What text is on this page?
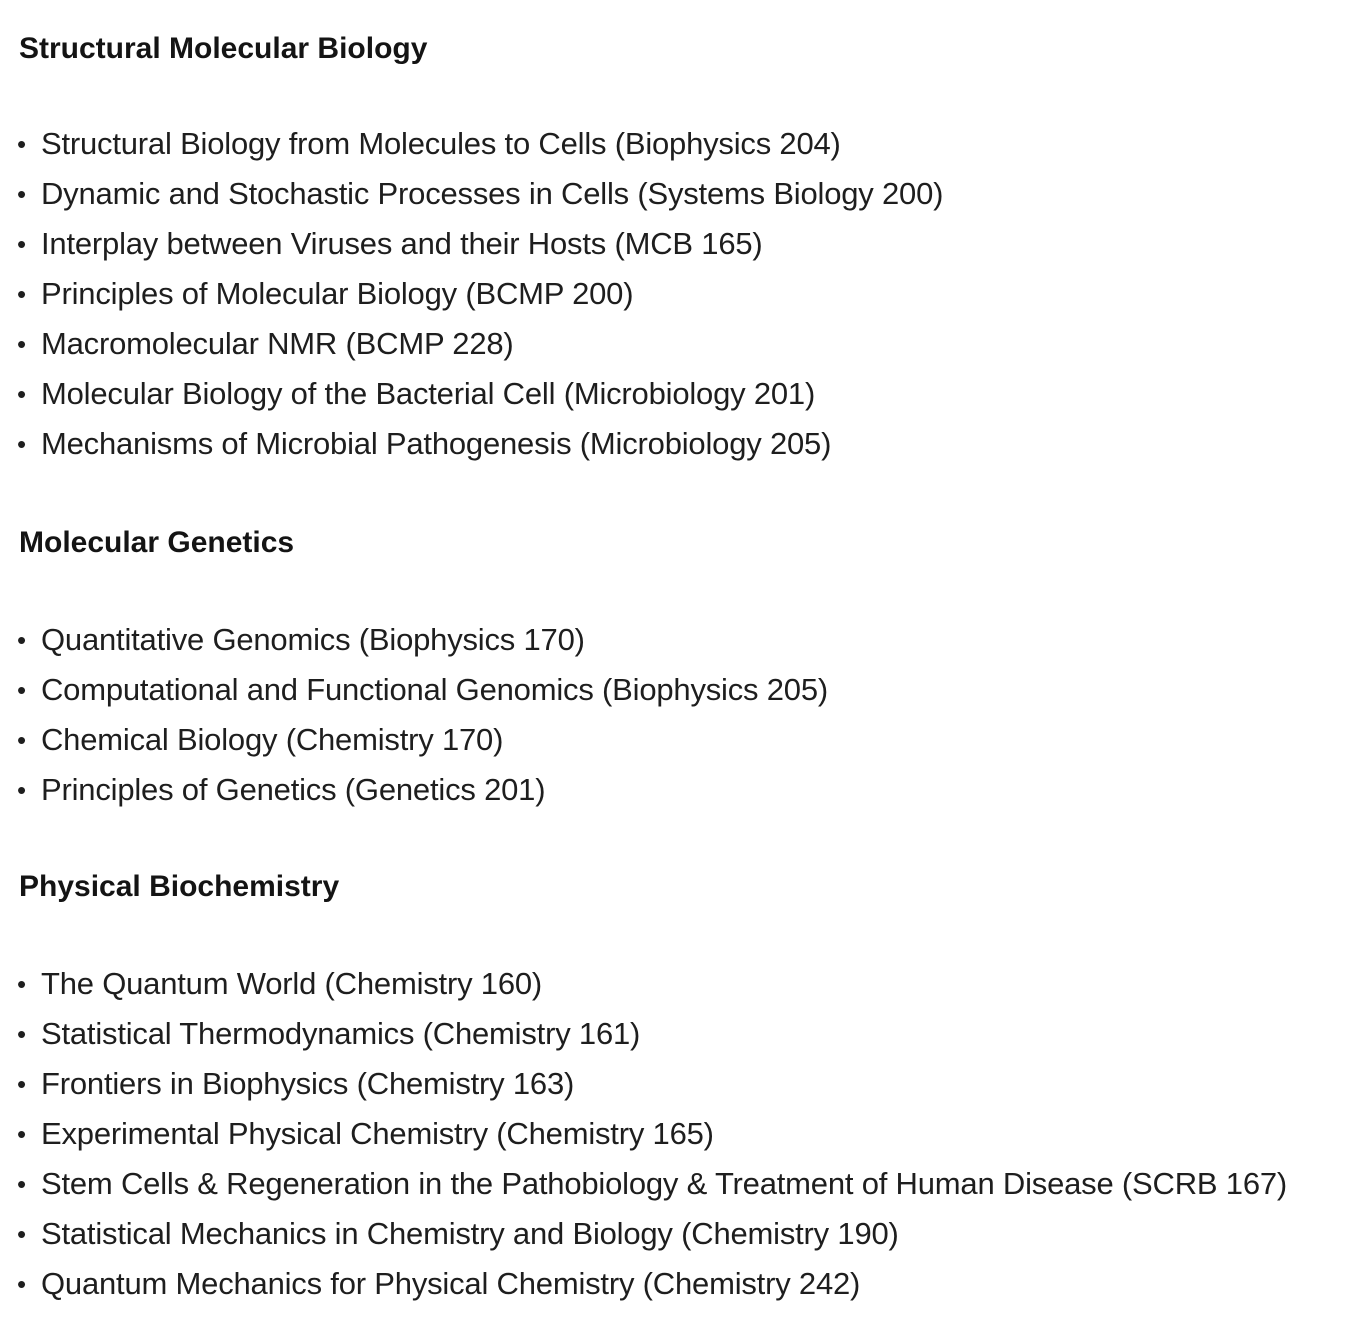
Structural Molecular Biology
• Structural Biology from Molecules to Cells (Biophysics 204)
• Dynamic and Stochastic Processes in Cells (Systems Biology 200)
• Interplay between Viruses and their Hosts (MCB 165)
• Principles of Molecular Biology (BCMP 200)
• Macromolecular NMR (BCMP 228)
• Molecular Biology of the Bacterial Cell (Microbiology 201)
• Mechanisms of Microbial Pathogenesis (Microbiology 205)
Molecular Genetics
• Quantitative Genomics (Biophysics 170)
• Computational and Functional Genomics (Biophysics 205)
• Chemical Biology (Chemistry 170)
• Principles of Genetics (Genetics 201)
Physical Biochemistry
• The Quantum World (Chemistry 160)
• Statistical Thermodynamics (Chemistry 161)
• Frontiers in Biophysics (Chemistry 163)
• Experimental Physical Chemistry (Chemistry 165)
• Stem Cells & Regeneration in the Pathobiology & Treatment of Human Disease (SCRB 167)
• Statistical Mechanics in Chemistry and Biology (Chemistry 190)
• Quantum Mechanics for Physical Chemistry (Chemistry 242)
